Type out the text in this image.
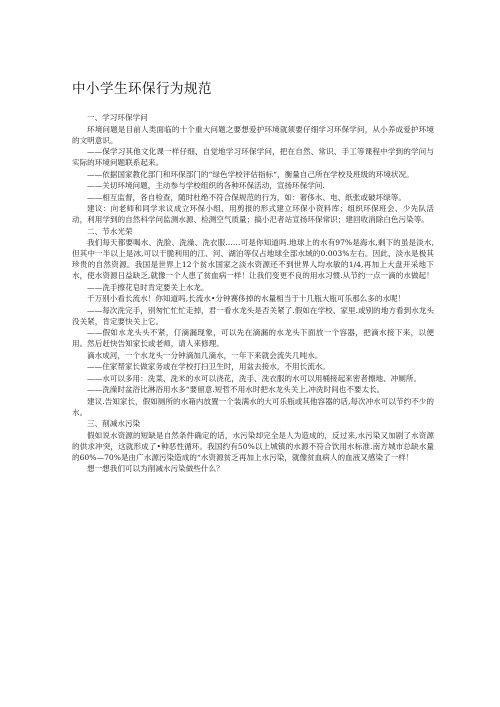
中小学生环保行为规范

一、学习环保学问

环境问题是目前人类面临的十个重大问题之要想爱护环境就须要仔细学习环保学问，从小养成爱护环境的文明意识。

——保学习其他文化课一样仔细、自觉地学习环保学问，把在自然、常识、手工等课程中学到的学问与实际的环境问题联系起来。

——依据国家教化部门和环保部门的“绿色学校评估指标“，衡量自己所在学校及班级的环境状况。

——关切环境问题，主动参与学校组织的各种环保活动，宣扬环保学问.

——相互监督，各自检查，随时杜绝不符合保规范的行为，如：奢侈水、电、纸张或破坏绿等。

建议：向老师和同学求议成立环保小组、用剪报的形式建立环保小资料库；组织环保班会、少先队活动，利用学到的自然科学问监测水源、检测空气质量；搞小汜者站宣扬环保常识；建回收消除白色污染等。

二、节水光荣

我们每天都要喝水、洗脸、洗澡、洗衣服……可是你知道吗.地球上的水有97%是海水,剩下的虽是淡水,但其中一半以上是冰,可以干脆利用的江、河、湖泊等仅占地球全部水域的0.003%左右。因此，淡水是极其珍贵的自然资源。我国是世界上12个贫水国家之淡水资源还不到世界人均水敏的1/4,再加上大盘开采地下水，使水资源日益缺乏,就像一个人患了贫血病一样！让我们变更不良的用水习惯.从节约一点一滴的水做起！

——洗手擦花皂时肯定要关上水龙。

千万别小看长流水！你知道吗,长流水•分钟赛侈掉的水量相当于十几瓶大瓶可乐那么多的水呢！

——每次洗完手，别匆忙忙忙走掉，君一看水龙头是否关紧了.假如在学校、家里.或别的地方看到水龙头没关紧，肯定要快关上它。

——假如水龙头头不紧，仃滴漏现象，可以先在滴漏的水龙头下面放一个容器，把滴水接下来，以便用。然后赶快告知家长或老师，请人来修理。

滴水成河，一个水龙头一分钟滴加几滴水，一年下来就会流失几吨水。

——住家帮家长做家务或在学校打扫卫生时，用盆去接水，不用长流水。

——水可以多用：洗菜、洗米的水可以浇花，洗手、洗衣服的水可以用桶接起来密者擦地、冲厕所。

——洗澡时盆浴比淋浴用水多“要留意.短哲不用水时把水龙头关上,冲洗时间也不要太长。

建议.告知家长，假如厕所的水箱内放置一个装满水的大可乐瓶或其他容器的话,每次冲水可以节约不少的水。

三、削减水污染

假如说水资源的短缺是自然条件确定的话，水污染却完全是人为造成的，反过来,水污染又加剧了水资源的供求冲突，这就形成了•种恶性循环。我国约有50%以上城镇的水源不符合饮用水标准.南方城市总缺水量的60%—70%是由广水源污染造成的“水资源贫乏再加上水污染，就像贫血病人的血液又感染了一样！

想一想我们可以为削减水污染做些什么？
